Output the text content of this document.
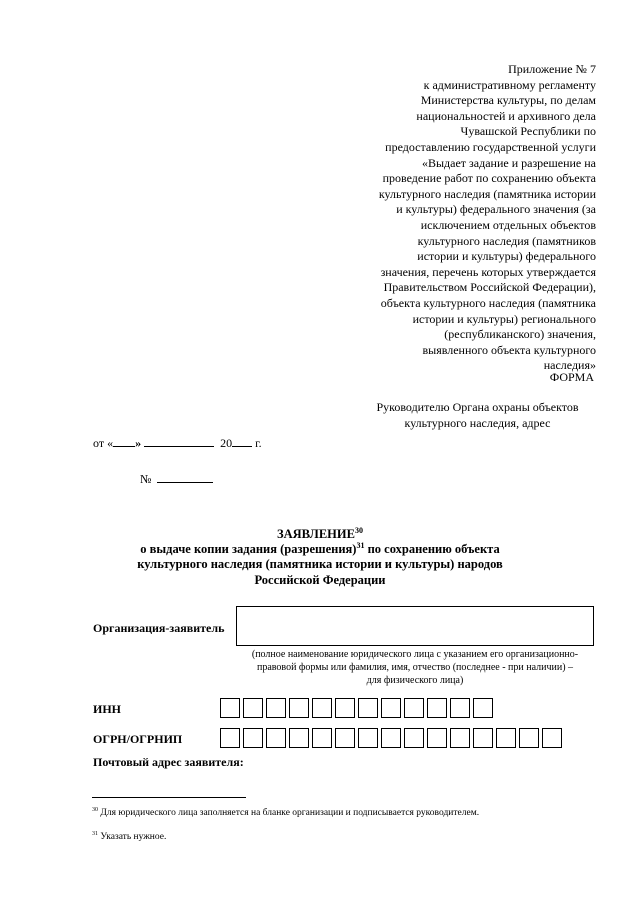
Приложение № 7
к административному регламенту
Министерства культуры, по делам
национальностей и архивного дела
Чувашской Республики по
предоставлению государственной услуги
«Выдает задание и разрешение на
проведение работ по сохранению объекта
культурного наследия (памятника истории
и культуры) федерального значения (за
исключением отдельных объектов
культурного наследия (памятников
истории и культуры) федерального
значения, перечень которых утверждается
Правительством Российской Федерации),
объекта культурного наследия (памятника
истории и культуры) регионального
(республиканского) значения,
выявленного объекта культурного
наследия»
ФОРМА
Руководителю Органа охраны объектов
культурного наследия, адрес
от « »	20 г.
№
ЗАЯВЛЕНИЕ$^{30}$
о выдаче копии задания (разрешения)$^{31}$ по сохранению объекта
культурного наследия (памятника истории и культуры) народов
Российской Федерации
Организация-заявитель
(полное наименование юридического лица с указанием его организационно-
правовой формы или фамилия, имя, отчество (последнее - при наличии) –
для физического лица)
ИНН
ОГРН/ОГРНИП
Почтовый адрес заявителя:
$^{30}$ Для юридического лица заполняется на бланке организации и подписывается руководителем.
$^{31}$ Указать нужное.
